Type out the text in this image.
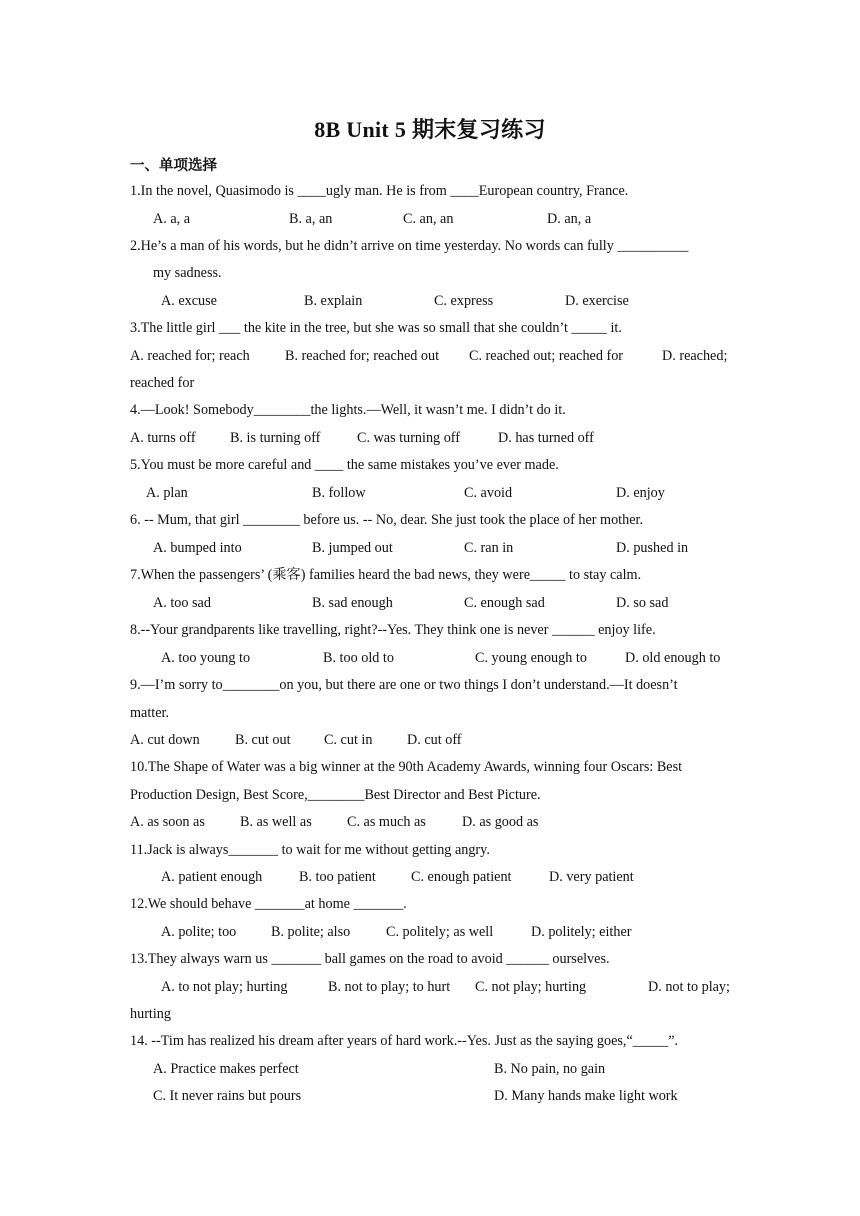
8B Unit 5 期末复习练习
一、单项选择
1.In the novel, Quasimodo is ____ugly man. He is from ____European country, France.
A. a, a	B. a, an	C. an, an	D. an, a
2.He’s a man of his words, but he didn’t arrive on time yesterday. No words can fully __________
my sadness.
A. excuse	B. explain	C. express	D. exercise
3.The little girl ___ the kite in the tree, but she was so small that she couldn’t _____ it.
A. reached for; reach B. reached for; reached out C. reached out; reached for	D. reached;
reached for
4.—Look! Somebody________the lights.—Well, it wasn’t me. I didn’t do it.
A. turns off B. is turning off	C. was turning off	D. has turned off
5.You must be more careful and ____ the same mistakes you’ve ever made.
A. plan	B. follow	C. avoid	D. enjoy
6. -- Mum, that girl ________ before us. -- No, dear. She just took the place of her mother.
A. bumped into	B. jumped out	C. ran in	D. pushed in
7.When the passengers’ (乘客) families heard the bad news, they were_____ to stay calm.
A. too sad	B. sad enough	C. enough sad	D. so sad
8.--Your grandparents like travelling, right?--Yes. They think one is never ______ enjoy life.
A. too young to	B. too old to	C. young enough to	D. old enough to
9.—I’m sorry to________on you, but there are one or two things I don’t understand.—It doesn’t
matter.
A. cut down B. cut out C. cut in D. cut off
10.The Shape of Water was a big winner at the 90th Academy Awards, winning four Oscars: Best
Production Design, Best Score,________Best Director and Best Picture.
A. as soon as B. as well as C. as much as	D. as good as
11.Jack is always_______ to wait for me without getting angry.
A. patient enough	B. too patient C. enough patient	D. very patient
12.We should behave _______at home _______.
A. polite; too B. polite; also	C. politely; as well	D. politely; either
13.They always warn us _______ ball games on the road to avoid ______ ourselves.
A. to not play; hurting	B. not to play; to hurt C. not play; hurting	D. not to play;
hurting
14. --Tim has realized his dream after years of hard work.--Yes. Just as the saying goes,“_____”.
A. Practice makes perfect	B. No pain, no gain
C. It never rains but pours	D. Many hands make light work
